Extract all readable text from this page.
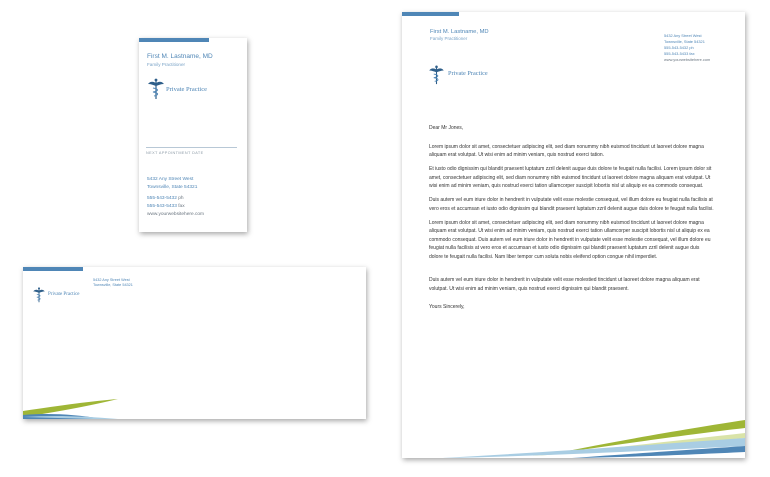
First M. Lastname, MD
Family Practitioner
Private Practice
NEXT APPOINTMENT DATE
5432 Any Street West
Townsville, State 54321
555-543-5432 ph
555-543-5433 fax
www.yourwebsitehere.com
Private Practice
5432 Any Street West
Townsville, State 54321
First M. Lastname, MD
Family Practitioner
5432 Any Street West
Townsville, State 54321
555-543-5432 ph
555-543-5433 fax
www.yourwebsitehere.com
Private Practice

Dear Mr Jones,

Lorem ipsum dolor sit amet, consectetuer adipiscing elit, sed diam nonummy nibh euismod tincidunt ut laoreet dolore magna aliquam erat volutpat. Ut wisi enim ad minim veniam, quis nostrud exerci tation.

Et iusto odio dignissim qui blandit praesent luptatum zzril delenit augue duis dolore te feugait nulla facilisi. Lorem ipsum dolor sit amet, consectetuer adipiscing elit, sed diam nonummy nibh euismod tincidunt ut laoreet dolore magna aliquam erat volutpat. Ut wisi enim ad minim veniam, quis nostrud exerci tation ullamcorper suscipit lobortis nisl ut aliquip ex ea commodo consequat.

Duis autem vel eum iriure dolor in hendrerit in vulputate velit esse molestie consequat, vel illum dolore eu feugiat nulla facilisis at vero eros et accumsan et iusto odio dignissim qui blandit praesent luptatum zzril delenit augue duis dolore te feugait nulla facilisi.

Lorem ipsum dolor sit amet, consectetuer adipiscing elit, sed diam nonummy nibh euismod tincidunt ut laoreet dolore magna aliquam erat volutpat. Ut wisi enim ad minim veniam, quis nostrud exerci tation ullamcorper suscipit lobortis nisl ut aliquip ex ea commodo consequat. Duis autem vel eum iriure dolor in hendrerit in vulputate velit esse molestie consequat, vel illum dolore eu feugiat nulla facilisis at vero eros et accumsan et iusto odio dignissim qui blandit praesent luptatum zzril delenit augue duis dolore te feugait nulla facilisi. Nam liber tempor cum soluta nobis eleifend option congue nihil imperdiet.

Duis autem vel eum iriure dolor in hendrerit in vulputate velit esse molestied tincidunt ut laoreet dolore magna aliquam erat volutpat. Ut wisi enim ad minim veniam, quis nostrud exerci dignissim qui blandit praesent.

Yours Sincerely,
